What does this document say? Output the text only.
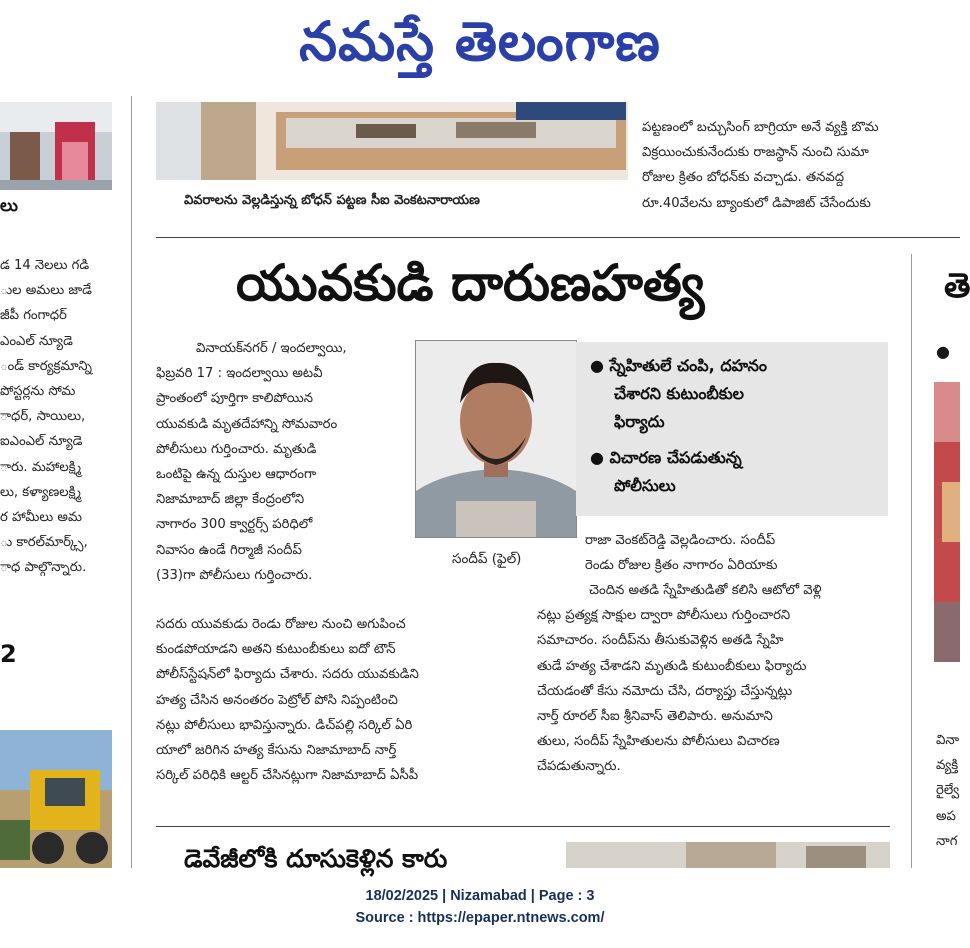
నమస్తే తెలంగాణ
లు

డ 14 నెలలు గడి

ుల అమలు జాడే

జీపీ గంగాధర్

ఎంఎల్ న్యూడె

ండ్ కార్యక్రమాన్ని

పోస్టర్లను సోమ

ాధర్, సాయిలు,

ఐఎంఎల్ న్యూడె

ారు. మహాలక్ష్మి

లు, కళ్యాణలక్ష్మి

ర హామీలు అమ

ు కారల్‌మార్క్స్,

ాధ పాల్గొన్నారు.

2
వివరాలను వెల్లడిస్తున్న బోధన్ పట్టణ సీఐ వెంకటనారాయణ

పట్టణంలో బచ్చుసింగ్ బాగ్రియా అనే వ్యక్తి బొమ

విక్రయించుకునేందుకు రాజస్థాన్ నుంచి సుమా

రోజుల క్రితం బోధన్‌కు వచ్చాడు. తనవద్ద

రూ.40వేలను బ్యాంకులో డిపాజిట్ చేసేందుకు

యువకుడి దారుణహత్య

వినాయక్‌నగర్ / ఇందల్వాయి,

ఫిబ్రవరి 17 : ఇందల్వాయి అటవీ

ప్రాంతంలో పూర్తిగా కాలిపోయిన

యువకుడి మృతదేహాన్ని సోమవారం

పోలీసులు గుర్తించారు. మృతుడి

ఒంటిపై ఉన్న దుస్తుల ఆధారంగా

నిజామాబాద్ జిల్లా కేంద్రంలోని

నాగారం 300 క్వార్టర్స్ పరిధిలో

నివాసం ఉండే గిర్మాజీ సందీప్

(33)గా పోలీసులు గుర్తించారు.

సందీప్ (ఫైల్)
● స్నేహితులే చంపి, దహనం
చేశారని కుటుంబీకుల
ఫిర్యాదు
● విచారణ చేపడుతున్న
పోలీసులు

రాజా వెంకట్‌రెడ్డి వెల్లడించారు. సందీప్

రెండు రోజుల క్రితం నాగారం ఏరియాకు

చెందిన అతడి స్నేహితుడితో కలిసి ఆటోలో వెళ్లి

నట్లు ప్రత్యక్ష సాక్షుల ద్వారా పోలీసులు గుర్తించారని

సమాచారం. సందీప్‌ను తీసుకువెళ్లిన అతడి స్నేహి

తుడే హత్య చేశాడని మృతుడి కుటుంబీకులు ఫిర్యాదు

చేయడంతో కేసు నమోదు చేసి, దర్యాప్తు చేస్తున్నట్లు

నార్త్ రూరల్ సీఐ శ్రీనివాస్ తెలిపారు. అనుమాని

తులు, సందీప్ స్నేహితులను పోలీసులు విచారణ

చేపడుతున్నారు.

సదరు యువకుడు రెండు రోజుల నుంచి అగుపించ

కుండపోయాడని అతని కుటుంబీకులు ఐదో టౌన్

పోలీస్‌స్టేషన్‌లో ఫిర్యాదు చేశారు. సదరు యువకుడిని

హత్య చేసిన అనంతరం పెట్రోల్ పోసి నిప్పంటించి

నట్లు పోలీసులు భావిస్తున్నారు. డిచ్‌పల్లి సర్కిల్ ఏరి

యాలో జరిగిన హత్య కేసును నిజామాబాద్ నార్త్

సర్కిల్ పరిధికి ఆల్టర్ చేసినట్లుగా నిజామాబాద్ ఏసీపీ

తె
●

వినా

వ్యక్తి

రైల్వే

అప

నాగ

డెవేజీలోకి దూసుకెళ్లిన కారు
18/02/2025 | Nizamabad | Page : 3
Source : https://epaper.ntnews.com/
